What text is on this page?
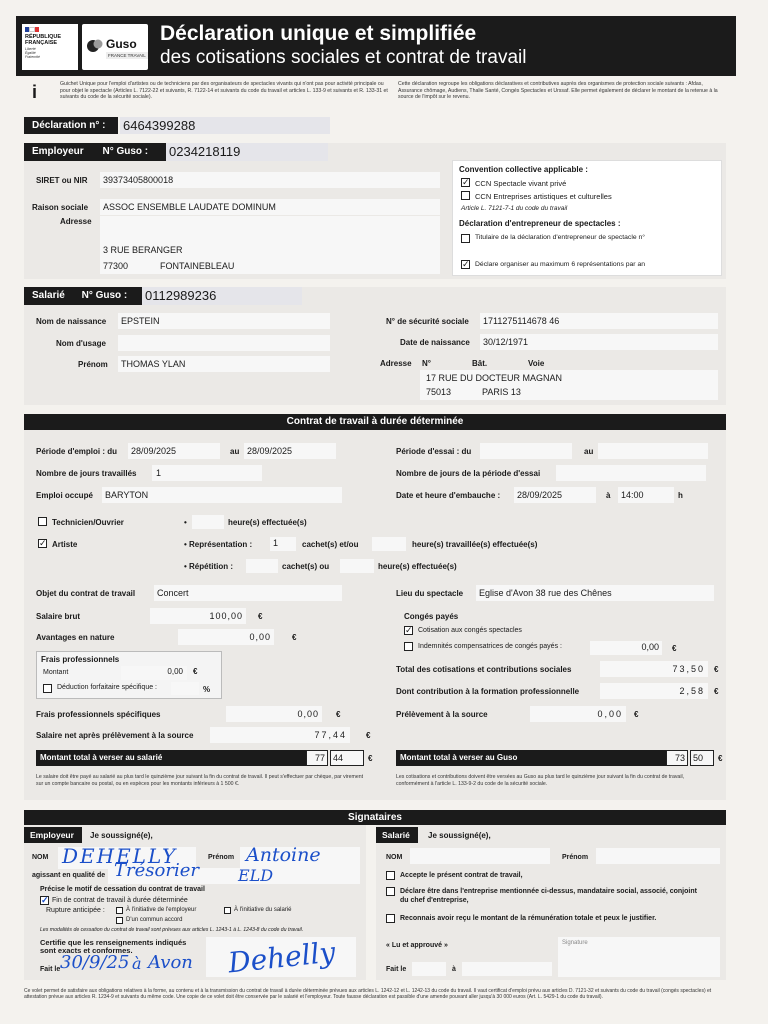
RÉPUBLIQUE
FRANÇAISE
Liberté
Égalité
Fraternité
Guso
FRANCE TRAVAIL
Déclaration unique et simplifiée
des cotisations sociales et contrat de travail
i	Guichet Unique pour l'emploi d'artistes ou de techniciens par des organisateurs de spectacles vivants qui n'ont pas pour activité principale ou pour objet le spectacle (Articles L. 7122-22 et suivants, R. 7122-14 et suivants du code du travail et articles L. 133-9 et suivants et R. 133-31 et suivants du code de la sécurité sociale).
Cette déclaration regroupe les obligations déclaratives et contributives auprès des organismes de protection sociale suivants : Afdas, Assurance chômage, Audiens, Thalie Santé, Congés Spectacles et Urssaf. Elle permet également de déclarer le montant de la retenue à la source de l'impôt sur le revenu.
Déclaration n° :	6464399288
Employeur N° Guso :	0234218119
SIRET ou NIR	39373405800018
Raison sociale	ASSOC ENSEMBLE LAUDATE DOMINUM
Adresse
3 RUE BERANGER
77300	FONTAINEBLEAU
Convention collective applicable :
✓ CCN Spectacle vivant privé
CCN Entreprises artistiques et culturelles
Article L. 7121-7-1 du code du travail
Déclaration d'entrepreneur de spectacles :
Titulaire de la déclaration d'entrepreneur de spectacle n°
✓ Déclare organiser au maximum 6 représentations par an
Salarié N° Guso :	0112989236
Nom de naissance	EPSTEIN
Nom d'usage
Prénom	THOMAS YLAN
N° de sécurité sociale	1711275114678 46
Date de naissance	30/12/1971
Adresse N°	Bât.	Voie
17 RUE DU DOCTEUR MAGNAN
75013	PARIS 13
Contrat de travail à durée déterminée
Période d'emploi : du	28/09/2025	au 28/09/2025	Période d'essai : du	au
Nombre de jours travaillés	1	Nombre de jours de la période d'essai
Emploi occupé	BARYTON	Date et heure d'embauche :	28/09/2025	à	14:00	h
Technicien/Ouvrier	•	heure(s) effectuée(s)
✓ Artiste	• Représentation :	1	cachet(s) et/ou	heure(s) travaillée(s) effectuée(s)
• Répétition :	cachet(s) ou	heure(s) effectuée(s)
Objet du contrat de travail	Concert	Lieu du spectacle	Eglise d'Avon 38 rue des Chênes
Salaire brut	100,00	€
Avantages en nature	0,00	€
Frais professionnels
Montant	0,00	€
Déduction forfaitaire spécifique :	%
Frais professionnels spécifiques	0,00	€
Salaire net après prélèvement à la source	77,44	€
Montant total à verser au salarié	77 44	€
Congés payés
✓ Cotisation aux congés spectacles
Indemnités compensatrices de congés payés :	0,00	€
Total des cotisations et contributions sociales	73,50	€
Dont contribution à la formation professionnelle	2,58	€
Prélèvement à la source	0,00	€
Montant total à verser au Guso	73 50	€
Le salaire doit être payé au salarié au plus tard le quinzième jour suivant la fin du contrat de travail. Il peut s'effectuer par chèque, par virement sur un compte bancaire ou postal, ou en espèces pour les montants inférieurs à 1 500 €.
Les cotisations et contributions doivent être versées au Guso au plus tard le quinzième jour suivant la fin du contrat de travail, conformément à l'article L. 133-9-2 du code de la sécurité sociale.
Signataires
Employeur	Je soussigné(e),
NOM DEHELLY	Prénom Antoine
agissant en qualité de Trésorier ELD
Précise le motif de cessation du contrat de travail
✓ Fin de contrat de travail à durée déterminée
Rupture anticipée :	À l'initiative de l'employeur	À l'initiative du salarié
D'un commun accord
Les modalités de cessation du contrat de travail sont prévues aux articles L. 1243-1 à L. 1243-8 du code du travail.
Certifie que les renseignements indiqués sont exacts et conformes.	Dehelly
Fait le 30/9/25 à Avon
Salarié	Je soussigné(e),
NOM	Prénom
Accepte le présent contrat de travail,
Déclare être dans l'entreprise mentionnée ci-dessus, mandataire social, associé, conjoint du chef d'entreprise,
Reconnais avoir reçu le montant de la rémunération totale et peux le justifier.
« Lu et approuvé »	Signature
Fait le	à
Ce volet permet de satisfaire aux obligations relatives à la forme, au contenu et à la transmission du contrat de travail à durée déterminée prévues aux articles L. 1242-12 et L. 1242-13 du code du travail. Il vaut certificat d'emploi prévu aux articles D. 7121-32 et suivants du code du travail (congés spectacles) et attestation prévue aux articles R. 1234-9 et suivants du même code. Une copie de ce volet doit être conservée par le salarié et l'employeur. Toute fausse déclaration est passible d'une amende pouvant aller jusqu'à 30 000 euros (Art. L. 5429-1 du code du travail).
